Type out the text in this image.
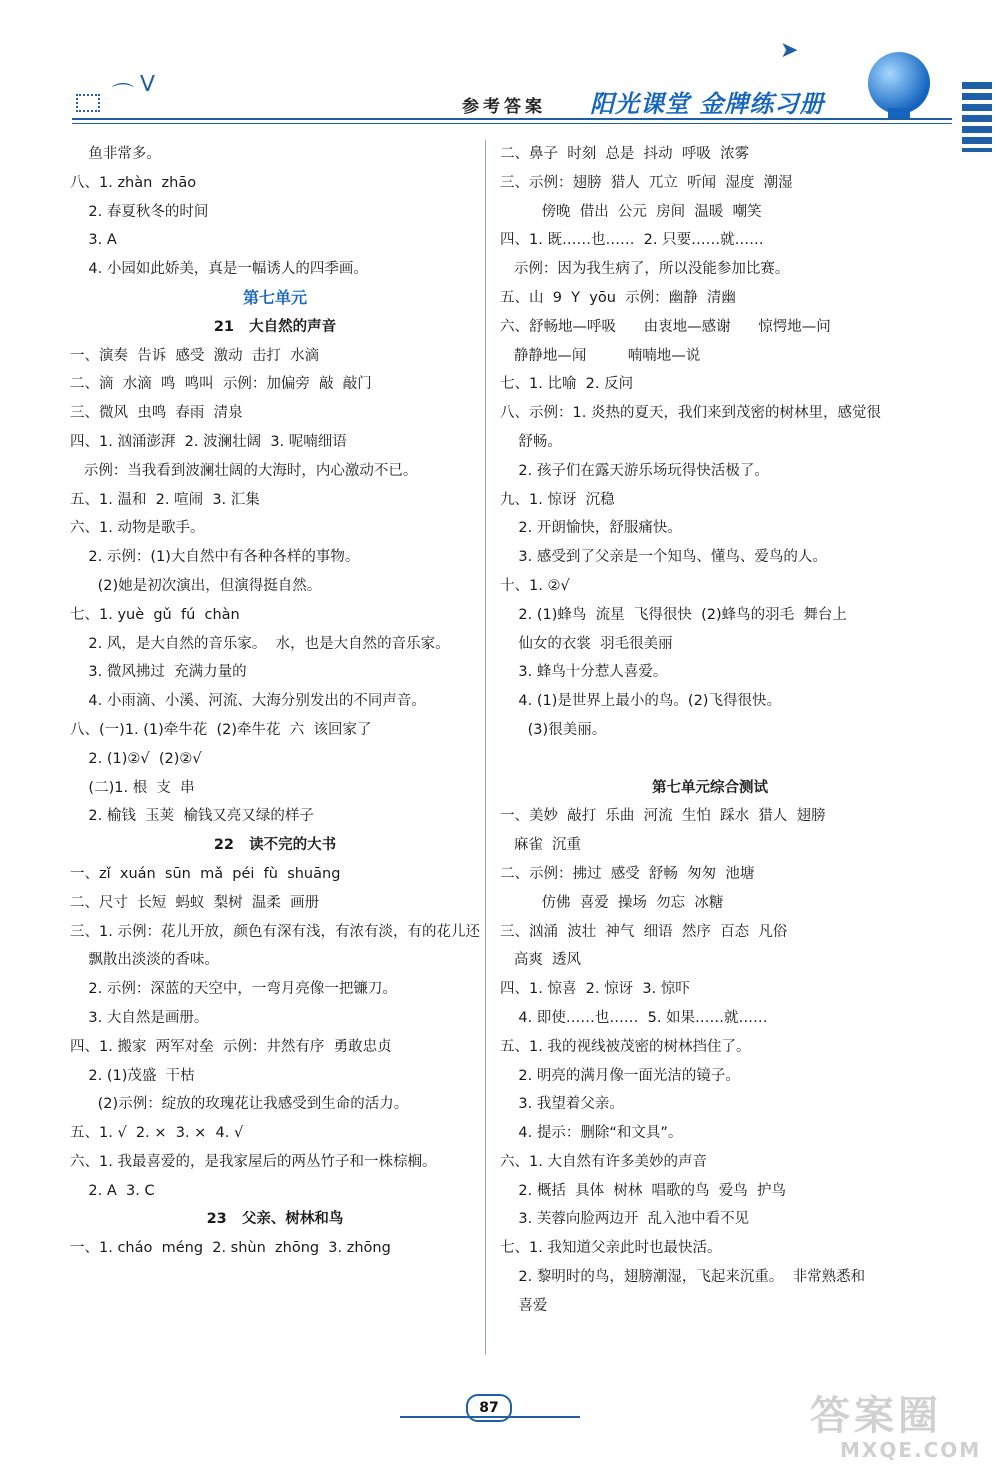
⌒ ᐯ
➤
参考答案 阳光课堂 金牌练习册
鱼非常多。
八、1. zhàn  zhāo
2. 春夏秋冬的时间
3. A
4. 小园如此娇美，真是一幅诱人的四季画。
第七单元
21   大自然的声音
一、演奏  告诉  感受  激动  击打  水滴
二、滴  水滴  鸣  鸣叫  示例：加偏旁  敲  敲门
三、微风  虫鸣  春雨  清泉
四、1. 汹涌澎湃  2. 波澜壮阔  3. 呢喃细语
示例：当我看到波澜壮阔的大海时，内心激动不已。
五、1. 温和  2. 喧闹  3. 汇集
六、1. 动物是歌手。
2. 示例：(1)大自然中有各种各样的事物。
(2)她是初次演出，但演得挺自然。
七、1. yuè  gǔ  fú  chàn
2. 风，是大自然的音乐家。  水，也是大自然的音乐家。
3. 微风拂过  充满力量的
4. 小雨滴、小溪、河流、大海分别发出的不同声音。
八、(一)1. (1)牵牛花  (2)牵牛花  六  该回家了
2. (1)②√  (2)②√
(二)1. 根  支  串
2. 榆钱  玉荚  榆钱又亮又绿的样子
22   读不完的大书
一、zǐ  xuán  sūn  mǎ  péi  fù  shuāng
二、尺寸  长短  蚂蚁  梨树  温柔  画册
三、1. 示例：花儿开放，颜色有深有浅，有浓有淡，有的花儿还
飘散出淡淡的香味。
2. 示例：深蓝的天空中，一弯月亮像一把镰刀。
3. 大自然是画册。
四、1. 搬家  两军对垒  示例：井然有序  勇敢忠贞
2. (1)茂盛  干枯
(2)示例：绽放的玫瑰花让我感受到生命的活力。
五、1. √  2. ×  3. ×  4. √
六、1. 我最喜爱的，是我家屋后的两丛竹子和一株棕榈。
2. A  3. C
23   父亲、树林和鸟
一、1. cháo  méng  2. shùn  zhōng  3. zhōng
二、鼻子  时刻  总是  抖动  呼吸  浓雾
三、示例：翅膀  猎人  兀立  听闻  湿度  潮湿
傍晚  借出  公元  房间  温暖  嘲笑
四、1. 既……也……  2. 只要……就……
示例：因为我生病了，所以没能参加比赛。
五、山  9  Y  yōu  示例：幽静  清幽
六、舒畅地—呼吸      由衷地—感谢      惊愕地—问
静静地—闻         喃喃地—说
七、1. 比喻  2. 反问
八、示例：1. 炎热的夏天，我们来到茂密的树林里，感觉很
舒畅。
2. 孩子们在露天游乐场玩得快活极了。
九、1. 惊讶  沉稳
2. 开朗愉快，舒服痛快。
3. 感受到了父亲是一个知鸟、懂鸟、爱鸟的人。
十、1. ②√
2. (1)蜂鸟  流星  飞得很快  (2)蜂鸟的羽毛  舞台上
仙女的衣裳  羽毛很美丽
3. 蜂鸟十分惹人喜爱。
4. (1)是世界上最小的鸟。(2)飞得很快。
(3)很美丽。
第七单元综合测试
一、美妙  敲打  乐曲  河流  生怕  踩水  猎人  翅膀
麻雀  沉重
二、示例：拂过  感受  舒畅  匆匆  池塘
仿佛  喜爱  操场  勿忘  冰糖
三、汹涌  波壮  神气  细语  然序  百态  凡俗
高爽  透风
四、1. 惊喜  2. 惊讶  3. 惊吓
4. 即使……也……  5. 如果……就……
五、1. 我的视线被茂密的树林挡住了。
2. 明亮的满月像一面光洁的镜子。
3. 我望着父亲。
4. 提示：删除“和文具”。
六、1. 大自然有许多美妙的声音
2. 概括  具体  树林  唱歌的鸟  爱鸟  护鸟
3. 芙蓉向脸两边开  乱入池中看不见
七、1. 我知道父亲此时也最快活。
2. 黎明时的鸟，翅膀潮湿，飞起来沉重。  非常熟悉和
喜爱
87	答案圈
MXQE.COM
